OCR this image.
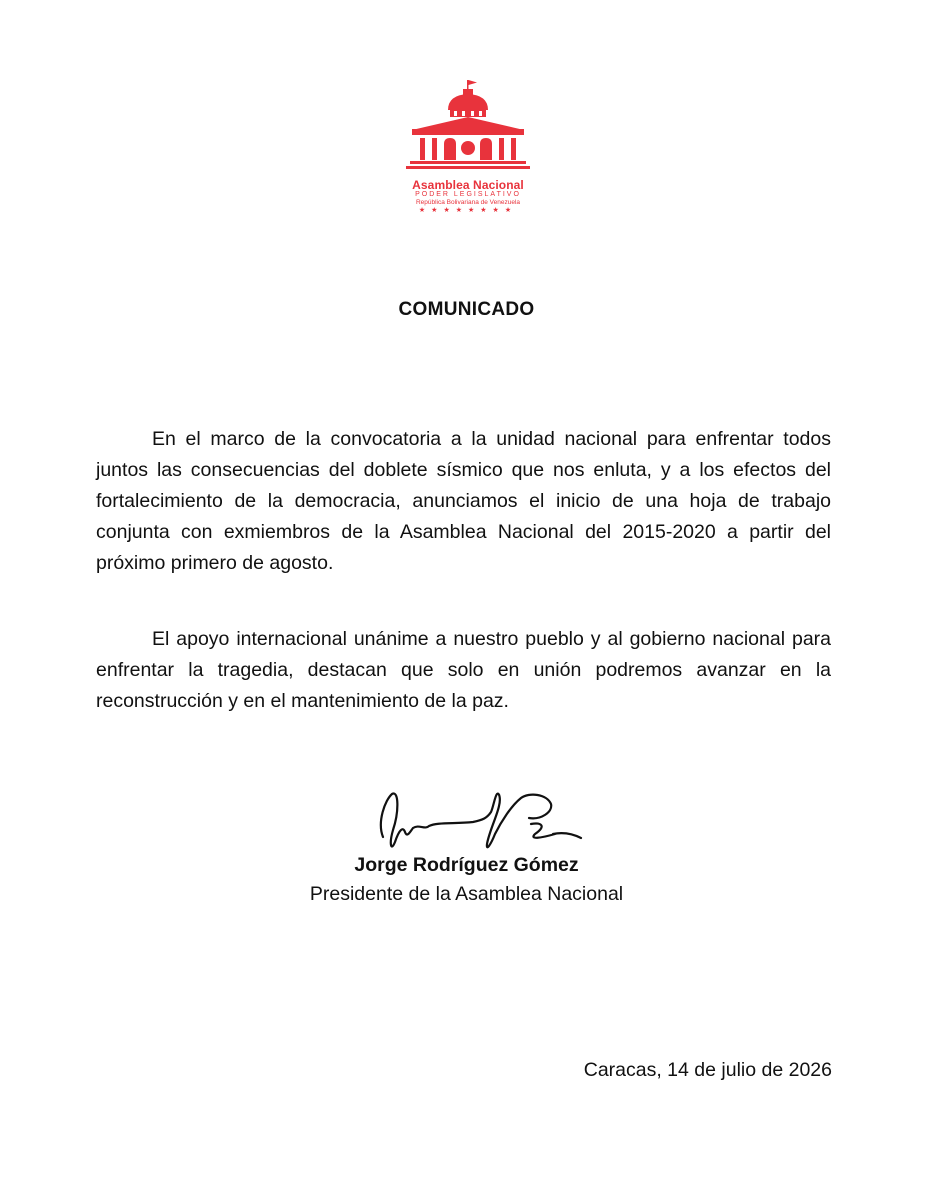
Asamblea Nacional
PODER LEGISLATIVO
República Bolivariana de Venezuela
★★★★★★★★
COMUNICADO

En el marco de la convocatoria a la unidad nacional para enfrentar todos juntos las consecuencias del doblete sísmico que nos enluta, y a los efectos del fortalecimiento de la democracia, anunciamos el inicio de una hoja de trabajo conjunta con exmiembros de la Asamblea Nacional del 2015-2020 a partir del próximo primero de agosto.

El apoyo internacional unánime a nuestro pueblo y al gobierno nacional para enfrentar la tragedia, destacan que solo en unión podremos avanzar en la reconstrucción y en el mantenimiento de la paz.

Jorge Rodríguez Gómez
Presidente de la Asamblea Nacional
Caracas, 14 de julio de 2026
